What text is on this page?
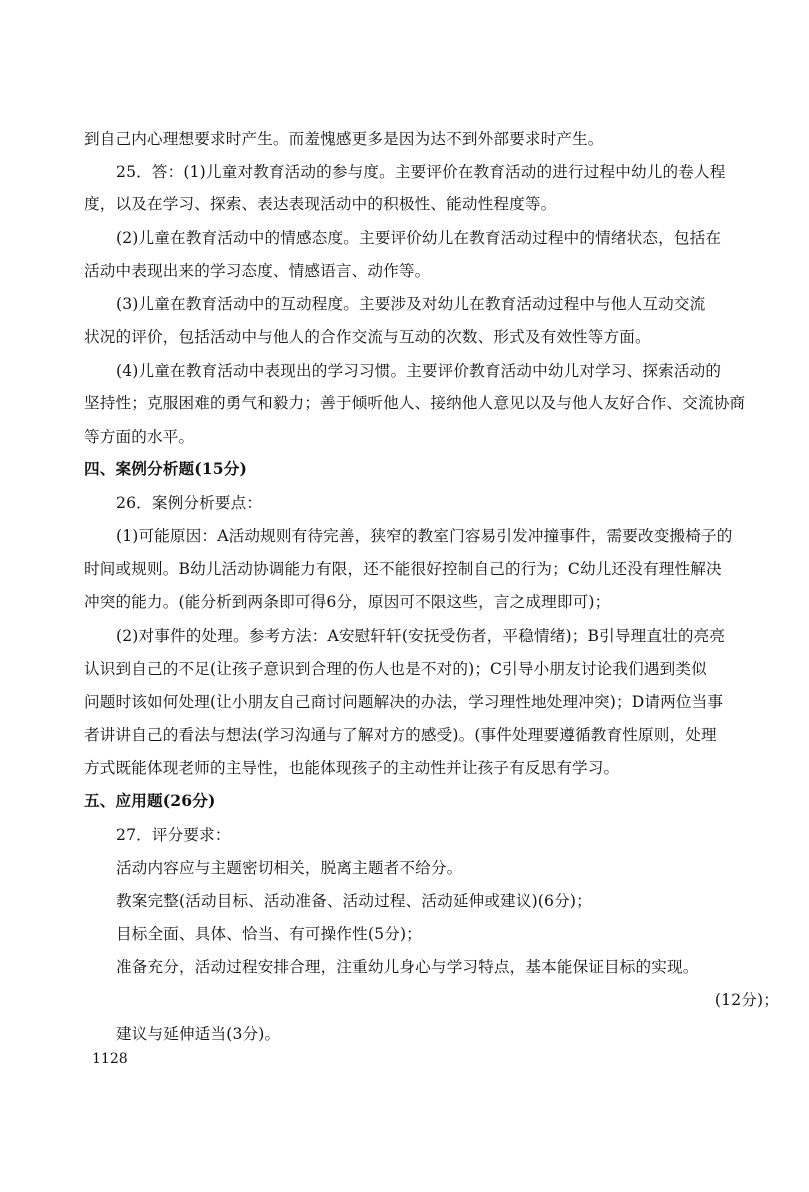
到自己内心理想要求时产生。而羞愧感更多是因为达不到外部要求时产生。
25．答：(1)儿童对教育活动的参与度。主要评价在教育活动的进行过程中幼儿的卷人程
度，以及在学习、探索、表达表现活动中的积极性、能动性程度等。
(2)儿童在教育活动中的情感态度。主要评价幼儿在教育活动过程中的情绪状态，包括在
活动中表现出来的学习态度、情感语言、动作等。
(3)儿童在教育活动中的互动程度。主要涉及对幼儿在教育活动过程中与他人互动交流
状况的评价，包括活动中与他人的合作交流与互动的次数、形式及有效性等方面。
(4)儿童在教育活动中表现出的学习习惯。主要评价教育活动中幼儿对学习、探索活动的
坚持性；克服困难的勇气和毅力；善于倾听他人、接纳他人意见以及与他人友好合作、交流协商
等方面的水平。
四、案例分析题(15分)
26．案例分析要点：
(1)可能原因：A活动规则有待完善，狭窄的教室门容易引发冲撞事件，需要改变搬椅子的
时间或规则。B幼儿活动协调能力有限，还不能很好控制自己的行为；C幼儿还没有理性解决
冲突的能力。(能分析到两条即可得6分，原因可不限这些，言之成理即可)；
(2)对事件的处理。参考方法：A安慰轩轩(安抚受伤者，平稳情绪)；B引导理直壮的亮亮
认识到自己的不足(让孩子意识到合理的伤人也是不对的)；C引导小朋友讨论我们遇到类似
问题时该如何处理(让小朋友自己商讨问题解决的办法，学习理性地处理冲突)；D请两位当事
者讲讲自己的看法与想法(学习沟通与了解对方的感受)。(事件处理要遵循教育性原则，处理
方式既能体现老师的主导性，也能体现孩子的主动性并让孩子有反思有学习。
五、应用题(26分)
27．评分要求：
活动内容应与主题密切相关，脱离主题者不给分。
教案完整(活动目标、活动准备、活动过程、活动延伸或建议)(6分)；
目标全面、具体、恰当、有可操作性(5分)；
准备充分，活动过程安排合理，注重幼儿身心与学习特点，基本能保证目标的实现。
(12分)；
建议与延伸适当(3分)。
1128
